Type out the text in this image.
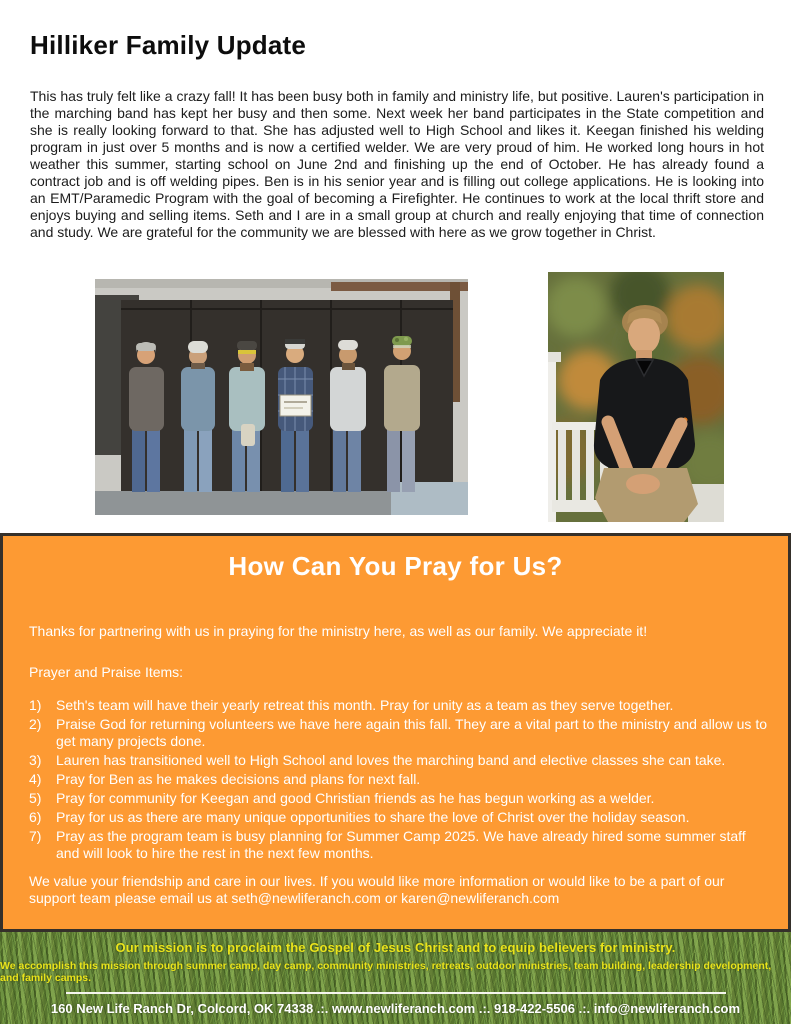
Hilliker Family Update

This has truly felt like a crazy fall! It has been busy both in family and ministry life, but positive. Lauren's participation in the marching band has kept her busy and then some. Next week her band participates in the State competition and she is really looking forward to that. She has adjusted well to High School and likes it. Keegan finished his welding program in just over 5 months and is now a certified welder. We are very proud of him. He worked long hours in hot weather this summer, starting school on June 2nd and finishing up the end of October. He has already found a contract job and is off welding pipes. Ben is in his senior year and is filling out college applications. He is looking into an EMT/Paramedic Program with the goal of becoming a Firefighter. He continues to work at the local thrift store and enjoys buying and selling items. Seth and I are in a small group at church and really enjoying that time of connection and study. We are grateful for the community we are blessed with here as we grow together in Christ.

How Can You Pray for Us?

Thanks for partnering with us in praying for the ministry here, as well as our family. We appreciate it!

Prayer and Praise Items:

1)	Seth's team will have their yearly retreat this month. Pray for unity as a team as they serve together.
2)	Praise God for returning volunteers we have here again this fall. They are a vital part to the ministry and allow us to get many projects done.
3)	Lauren has transitioned well to High School and loves the marching band and elective classes she can take.
4)	Pray for Ben as he makes decisions and plans for next fall.
5)	Pray for community for Keegan and good Christian friends as he has begun working as a welder.
6)	Pray for us as there are many unique opportunities to share the love of Christ over the holiday season.
7)	Pray as the program team is busy planning for Summer Camp 2025. We have already hired some summer staff and will look to hire the rest in the next few months.

We value your friendship and care in our lives. If you would like more information or would like to be a part of our support team please email us at seth@newliferanch.com or karen@newliferanch.com

Our mission is to proclaim the Gospel of Jesus Christ and to equip believers for ministry.
We accomplish this mission through summer camp, day camp, community ministries, retreats, outdoor ministries, team building, leadership development, and family camps.
160 New Life Ranch Dr, Colcord, OK 74338 .:. www.newliferanch.com .:. 918-422-5506 .:. info@newliferanch.com
